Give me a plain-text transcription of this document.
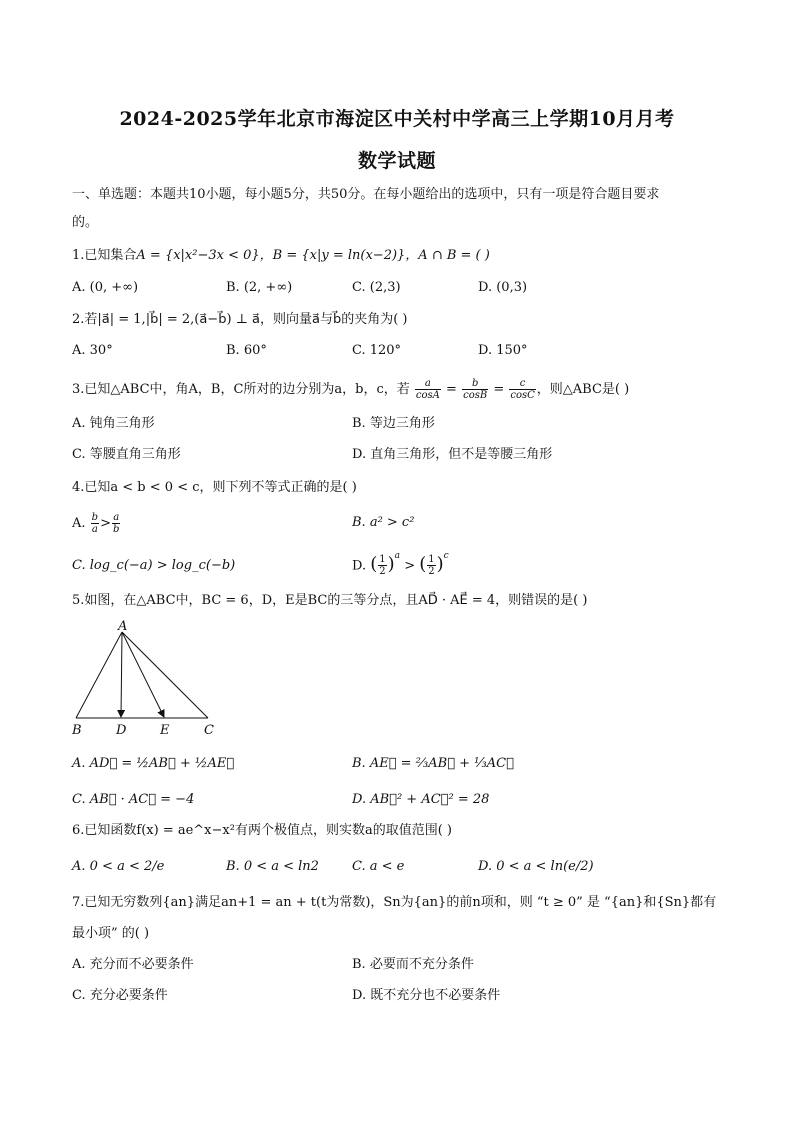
2024-2025学年北京市海淀区中关村中学高三上学期10月月考
数学试题
一、单选题：本题共10小题，每小题5分，共50分。在每小题给出的选项中，只有一项是符合题目要求
的。
1.已知集合A = {x|x²−3x < 0}，B = {x|y = ln(x−2)}，A ∩ B = ( )
A. (0, +∞)	B. (2, +∞)	C. (2,3)	D. (0,3)
2.若|a⃗| = 1,|b⃗| = 2,(a⃗−b⃗) ⊥ a⃗，则向量a⃗与b⃗的夹角为( )
A. 30°	B. 60°	C. 120°	D. 150°
3.已知△ABC中，角A，B，C所对的边分别为a，b，c，若 $\frac{a}{\cos A} = \frac{b}{\cos B} = \frac{c}{\cos C}$ ，则△ABC是( )
A. 钝角三角形	B. 等边三角形
C. 等腰直角三角形	D. 直角三角形，但不是等腰三角形
4.已知a < b < 0 < c，则下列不等式正确的是( )
A. $\frac{b}{a} > \frac{a}{b}$	B. a² > c²
C. log_c(−a) > log_c(−b)	D. ( $\frac{1}{2} )^a$ > ( $\frac{1}{2} )^c$
5.如图，在△ABC中，BC = 6，D，E是BC的三等分点，且AD⃗ · AE⃗ = 4，则错误的是( )
A
B	D	E	C
A. AD⃗ = ½AB⃗ + ½AE⃗	B. AE⃗ = ⅔AB⃗ + ⅓AC⃗
C. AB⃗ · AC⃗ = −4	D. AB⃗² + AC⃗² = 28
6.已知函数f(x) = ae^x−x²有两个极值点，则实数a的取值范围( )
A. 0 < a < 2/e	B. 0 < a < ln2	C. a < e	D. 0 < a < ln(e/2)
7.已知无穷数列{an}满足an+1 = an + t(t为常数)，Sn为{an}的前n项和，则 “t ≥ 0” 是 “{an}和{Sn}都有
最小项” 的( )
A. 充分而不必要条件	B. 必要而不充分条件
C. 充分必要条件	D. 既不充分也不必要条件
